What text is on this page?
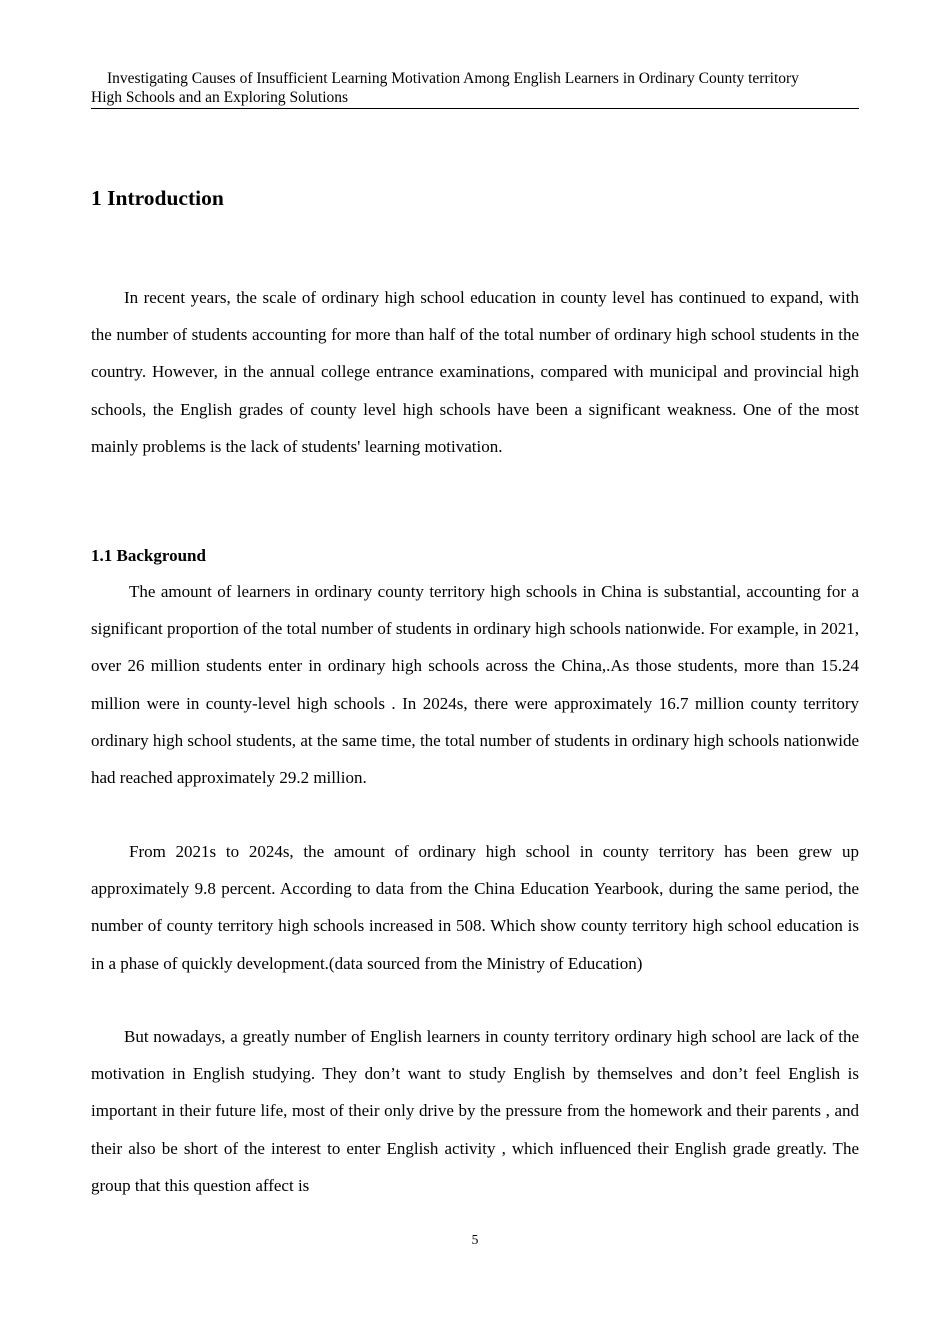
Investigating Causes of Insufficient Learning Motivation Among English Learners in Ordinary County territory
High Schools and an Exploring Solutions
1 Introduction

In recent years, the scale of ordinary high school education in county level has continued to expand, with the number of students accounting for more than half of the total number of ordinary high school students in the country. However, in the annual college entrance examinations, compared with municipal and provincial high schools, the English grades of county level high schools have been a significant weakness. One of the most mainly problems is the lack of students' learning motivation.

1.1 Background

The amount of learners in ordinary county territory high schools in China is substantial, accounting for a significant proportion of the total number of students in ordinary high schools nationwide. For example, in 2021, over 26 million students enter in ordinary high schools across the China,.As those students, more than 15.24 million were in county-level high schools . In 2024s, there were approximately 16.7 million county territory ordinary high school students, at the same time, the total number of students in ordinary high schools nationwide had reached approximately 29.2 million.

From 2021s to 2024s, the amount of ordinary high school in county territory has been grew up approximately 9.8 percent. According to data from the China Education Yearbook, during the same period, the number of county territory high schools increased in 508. Which show county territory high school education is in a phase of quickly development.(data sourced from the Ministry of Education)

But nowadays, a greatly number of English learners in county territory ordinary high school are lack of the motivation in English studying. They don’t want to study English by themselves and don’t feel English is important in their future life, most of their only drive by the pressure from the homework and their parents , and their also be short of the interest to enter English activity , which influenced their English grade greatly. The group that this question affect is

5
